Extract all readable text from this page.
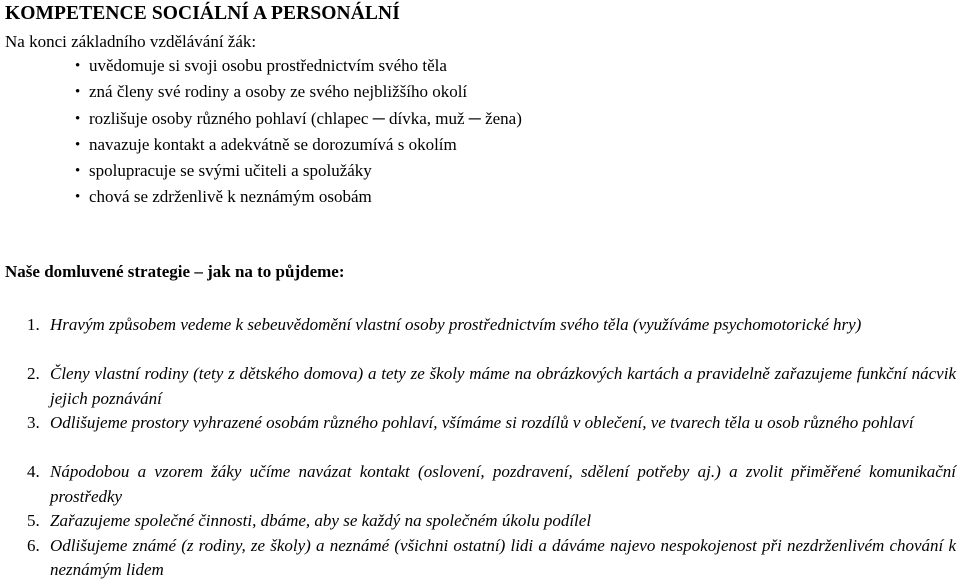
KOMPETENCE SOCIÁLNÍ A PERSONÁLNÍ
Na konci základního vzdělávání žák:
• uvědomuje si svoji osobu prostřednictvím svého těla
• zná členy své rodiny a osoby ze svého nejbližšího okolí
• rozlišuje osoby různého pohlaví (chlapec ─ dívka, muž ─ žena)
• navazuje kontakt a adekvátně se dorozumívá s okolím
• spolupracuje se svými učiteli a spolužáky
• chová se zdrženlivě k neznámým osobám
Naše domluvené strategie – jak na to půjdeme:
1. Hravým způsobem vedeme k sebeuvědomění vlastní osoby prostřednictvím svého těla (využíváme psychomotorické hry)
2. Členy vlastní rodiny (tety z dětského domova) a tety ze školy máme na obrázkových kartách a pravidelně zařazujeme funkční nácvik jejich poznávání
3. Odlišujeme prostory vyhrazené osobám různého pohlaví, všímáme si rozdílů v oblečení, ve tvarech těla u osob různého pohlaví
4. Nápodobou a vzorem žáky učíme navázat kontakt (oslovení, pozdravení, sdělení potřeby aj.) a zvolit přiměřené komunikační prostředky
5. Zařazujeme společné činnosti, dbáme, aby se každý na společném úkolu podílel
6. Odlišujeme známé (z rodiny, ze školy) a neznámé (všichni ostatní) lidi a dáváme najevo nespokojenost při nezdrženlivém chování k neznámým lidem
